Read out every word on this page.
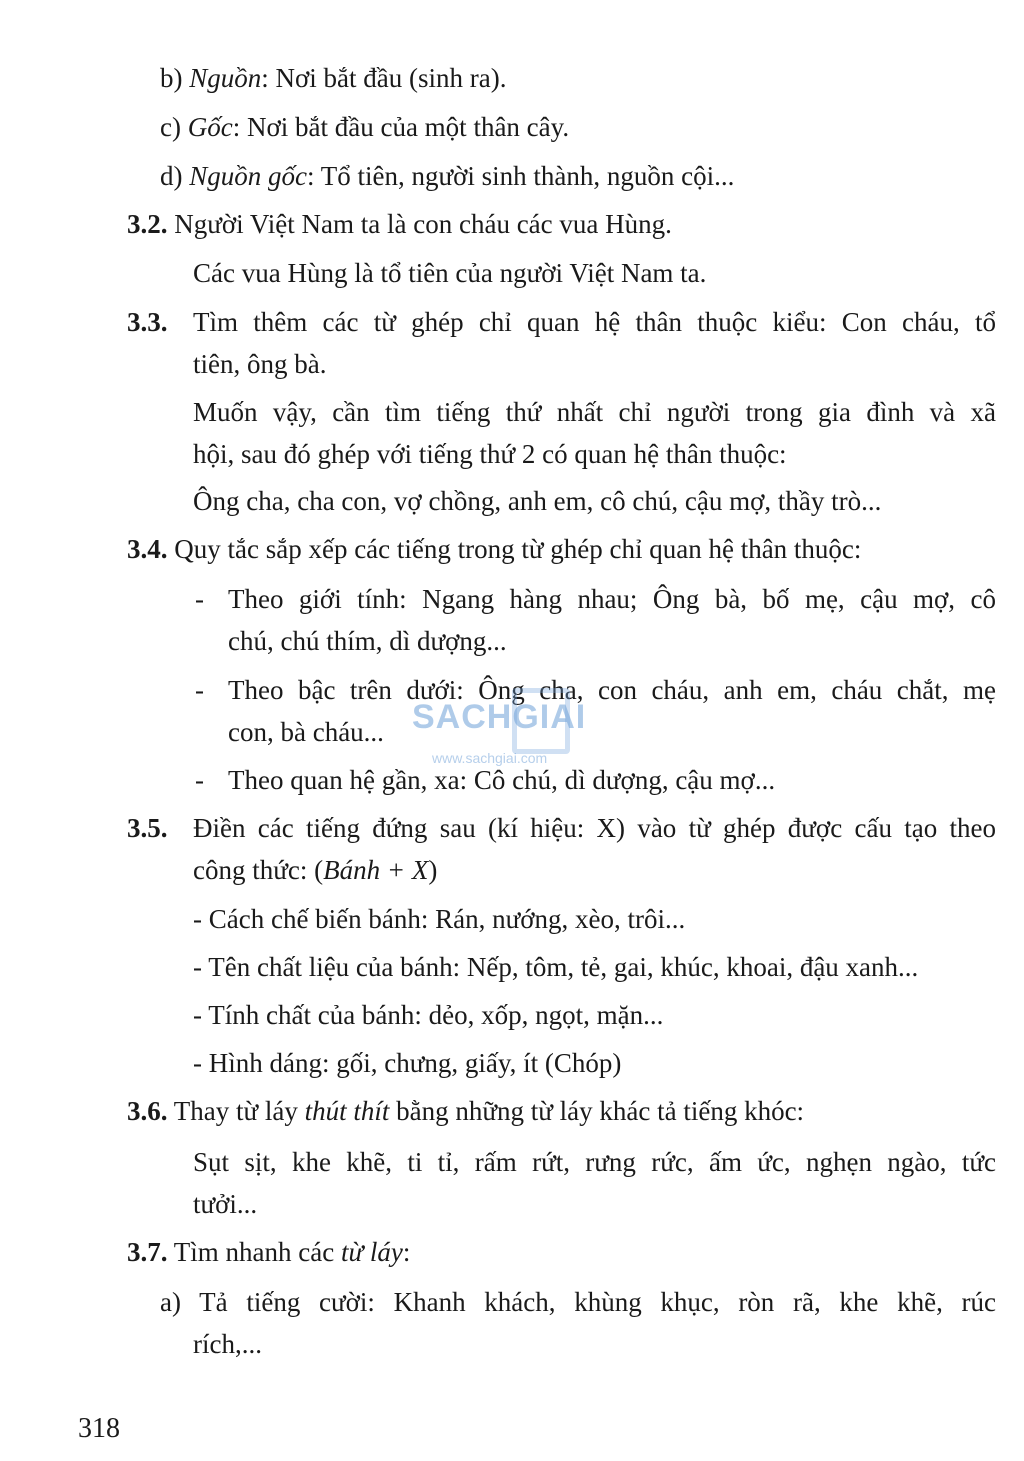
b) Nguồn: Nơi bắt đầu (sinh ra).
c) Gốc: Nơi bắt đầu của một thân cây.
d) Nguồn gốc: Tổ tiên, người sinh thành, nguồn cội...
3.2. Người Việt Nam ta là con cháu các vua Hùng.
Các vua Hùng là tổ tiên của người Việt Nam ta.
3.3. Tìm thêm các từ ghép chỉ quan hệ thân thuộc kiểu: Con cháu, tổ
tiên, ông bà.
Muốn vậy, cần tìm tiếng thứ nhất chỉ người trong gia đình và xã
hội, sau đó ghép với tiếng thứ 2 có quan hệ thân thuộc:
Ông cha, cha con, vợ chồng, anh em, cô chú, cậu mợ, thầy trò...
3.4. Quy tắc sắp xếp các tiếng trong từ ghép chỉ quan hệ thân thuộc:
- Theo giới tính: Ngang hàng nhau; Ông bà, bố mẹ, cậu mợ, cô
chú, chú thím, dì dượng...
- Theo bậc trên dưới: Ông cha, con cháu, anh em, cháu chắt, mẹ
con, bà cháu...
- Theo quan hệ gần, xa: Cô chú, dì dượng, cậu mợ...
3.5. Điền các tiếng đứng sau (kí hiệu: X) vào từ ghép được cấu tạo theo
công thức: (Bánh + X)
- Cách chế biến bánh: Rán, nướng, xèo, trôi...
- Tên chất liệu của bánh: Nếp, tôm, tẻ, gai, khúc, khoai, đậu xanh...
- Tính chất của bánh: dẻo, xốp, ngọt, mặn...
- Hình dáng: gối, chưng, giấy, ít (Chóp)
3.6. Thay từ láy thút thít bằng những từ láy khác tả tiếng khóc:
Sụt sịt, khe khẽ, ti tỉ, rấm rứt, rưng rức, ấm ức, nghẹn ngào, tức
tưởi...
3.7. Tìm nhanh các từ láy:
a) Tả tiếng cười: Khanh khách, khùng khục, ròn rã, khe khẽ, rúc
rích,...
SACHGIAI
www.sachgiai.com
318
